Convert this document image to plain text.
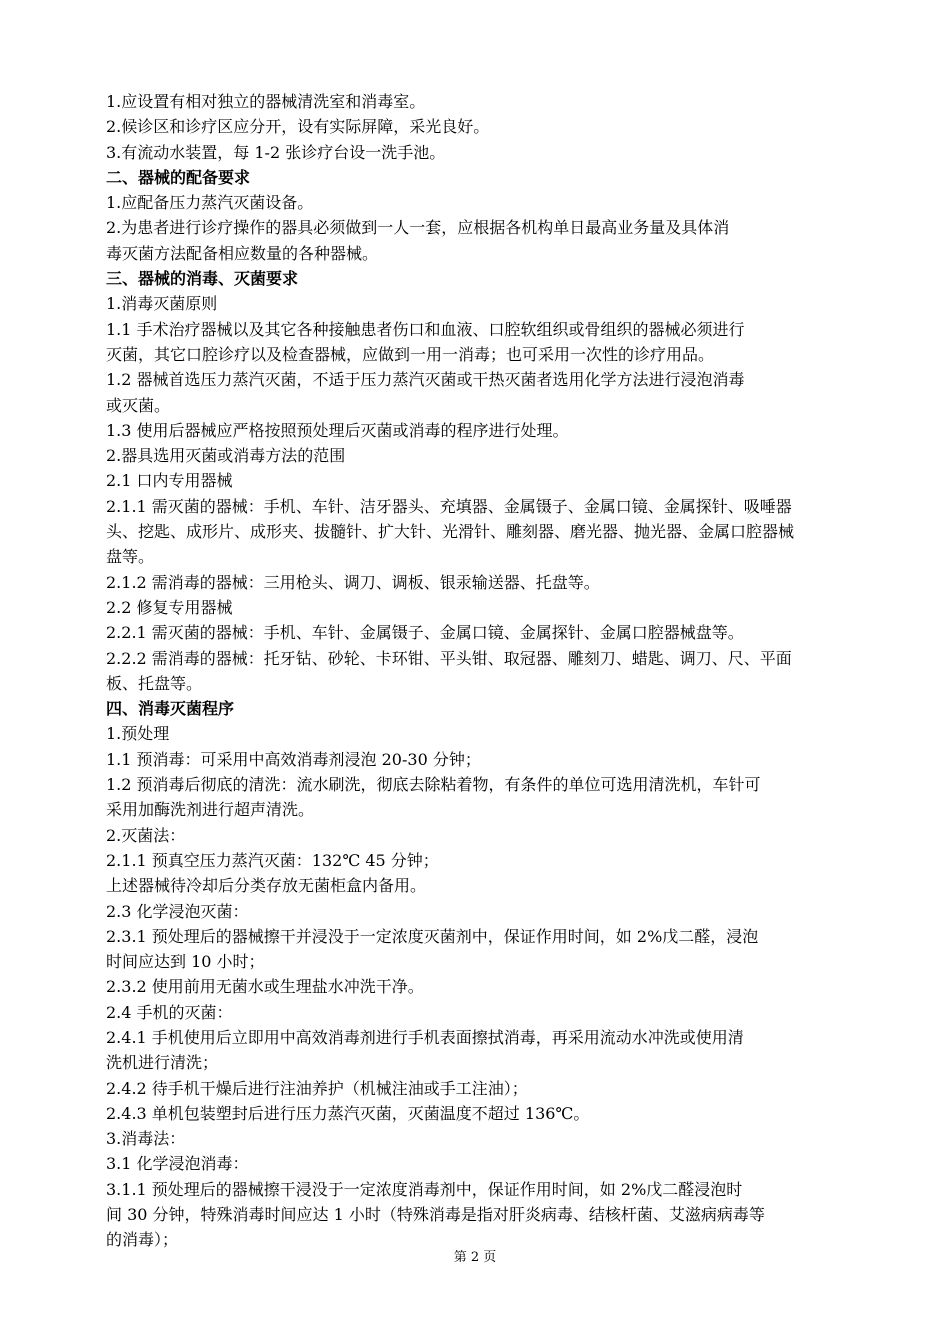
1.应设置有相对独立的器械清洗室和消毒室。
2.候诊区和诊疗区应分开，设有实际屏障，采光良好。
3.有流动水装置，每 1-2 张诊疗台设一洗手池。
二、器械的配备要求
1.应配备压力蒸汽灭菌设备。
2.为患者进行诊疗操作的器具必须做到一人一套，应根据各机构单日最高业务量及具体消
毒灭菌方法配备相应数量的各种器械。
三、器械的消毒、灭菌要求
1.消毒灭菌原则
1.1 手术治疗器械以及其它各种接触患者伤口和血液、口腔软组织或骨组织的器械必须进行
灭菌，其它口腔诊疗以及检查器械，应做到一用一消毒；也可采用一次性的诊疗用品。
1.2 器械首选压力蒸汽灭菌，不适于压力蒸汽灭菌或干热灭菌者选用化学方法进行浸泡消毒
或灭菌。
1.3 使用后器械应严格按照预处理后灭菌或消毒的程序进行处理。
2.器具选用灭菌或消毒方法的范围
2.1 口内专用器械
2.1.1 需灭菌的器械：手机、车针、洁牙器头、充填器、金属镊子、金属口镜、金属探针、吸唾器
头、挖匙、成形片、成形夹、拔髓针、扩大针、光滑针、雕刻器、磨光器、抛光器、金属口腔器械
盘等。
2.1.2 需消毒的器械：三用枪头、调刀、调板、银汞输送器、托盘等。
2.2 修复专用器械
2.2.1 需灭菌的器械：手机、车针、金属镊子、金属口镜、金属探针、金属口腔器械盘等。
2.2.2 需消毒的器械：托牙钻、砂轮、卡环钳、平头钳、取冠器、雕刻刀、蜡匙、调刀、尺、平面
板、托盘等。
四、消毒灭菌程序
1.预处理
1.1 预消毒：可采用中高效消毒剂浸泡 20-30 分钟；
1.2 预消毒后彻底的清洗：流水刷洗，彻底去除粘着物，有条件的单位可选用清洗机，车针可
采用加酶洗剂进行超声清洗。
2.灭菌法：
2.1.1 预真空压力蒸汽灭菌：132℃ 45 分钟；
上述器械待冷却后分类存放无菌柜盒内备用。
2.3 化学浸泡灭菌：
2.3.1 预处理后的器械擦干并浸没于一定浓度灭菌剂中，保证作用时间，如 2%戊二醛，浸泡
时间应达到 10 小时；
2.3.2 使用前用无菌水或生理盐水冲洗干净。
2.4 手机的灭菌：
2.4.1 手机使用后立即用中高效消毒剂进行手机表面擦拭消毒，再采用流动水冲洗或使用清
洗机进行清洗；
2.4.2 待手机干燥后进行注油养护（机械注油或手工注油）；
2.4.3 单机包装塑封后进行压力蒸汽灭菌，灭菌温度不超过 136℃。
3.消毒法：
3.1 化学浸泡消毒：
3.1.1 预处理后的器械擦干浸没于一定浓度消毒剂中，保证作用时间，如 2%戊二醛浸泡时
间 30 分钟，特殊消毒时间应达 1 小时（特殊消毒是指对肝炎病毒、结核杆菌、艾滋病病毒等
的消毒）；
第 2 页
